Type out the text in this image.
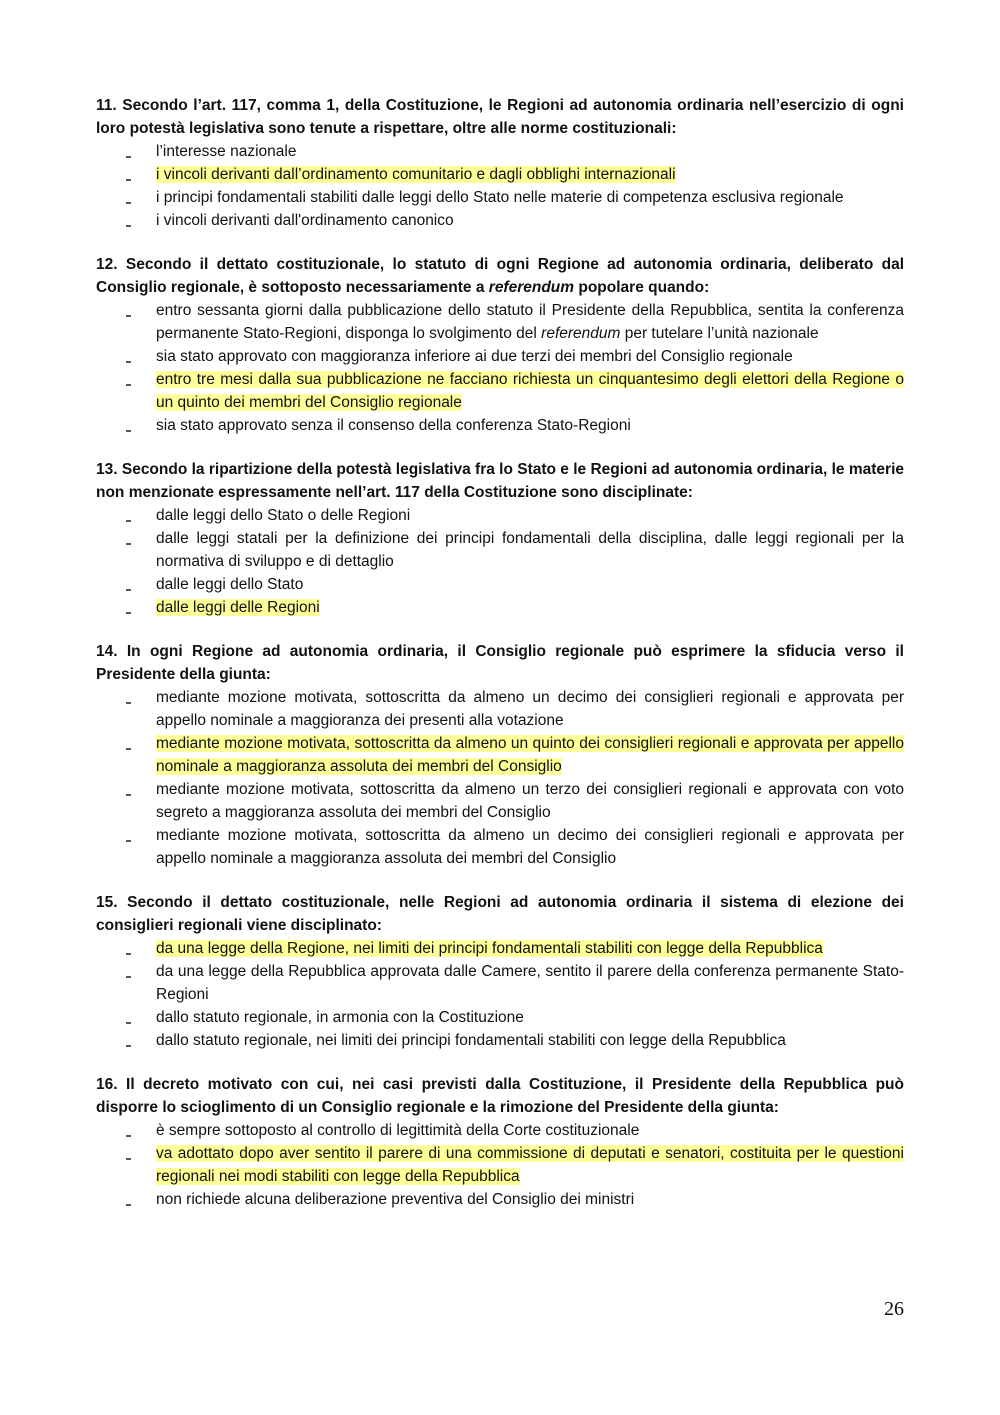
11. Secondo l’art. 117, comma 1, della Costituzione, le Regioni ad autonomia ordinaria nell’esercizio di ogni loro potestà legislativa sono tenute a rispettare, oltre alle norme costituzionali:

l’interesse nazionale
i vincoli derivanti dall’ordinamento comunitario e dagli obblighi internazionali
i principi fondamentali stabiliti dalle leggi dello Stato nelle materie di competenza esclusiva regionale
i vincoli derivanti dall'ordinamento canonico

12. Secondo il dettato costituzionale, lo statuto di ogni Regione ad autonomia ordinaria, deliberato dal Consiglio regionale, è sottoposto necessariamente a referendum popolare quando:

entro sessanta giorni dalla pubblicazione dello statuto il Presidente della Repubblica, sentita la conferenza permanente Stato-Regioni, disponga lo svolgimento del referendum per tutelare l’unità nazionale
sia stato approvato con maggioranza inferiore ai due terzi dei membri del Consiglio regionale
entro tre mesi dalla sua pubblicazione ne facciano richiesta un cinquantesimo degli elettori della Regione o un quinto dei membri del Consiglio regionale
sia stato approvato senza il consenso della conferenza Stato-Regioni

13. Secondo la ripartizione della potestà legislativa fra lo Stato e le Regioni ad autonomia ordinaria, le materie non menzionate espressamente nell’art. 117 della Costituzione sono disciplinate:

dalle leggi dello Stato o delle Regioni
dalle leggi statali per la definizione dei principi fondamentali della disciplina, dalle leggi regionali per la normativa di sviluppo e di dettaglio
dalle leggi dello Stato
dalle leggi delle Regioni

14. In ogni Regione ad autonomia ordinaria, il Consiglio regionale può esprimere la sfiducia verso il Presidente della giunta:

mediante mozione motivata, sottoscritta da almeno un decimo dei consiglieri regionali e approvata per appello nominale a maggioranza dei presenti alla votazione
mediante mozione motivata, sottoscritta da almeno un quinto dei consiglieri regionali e approvata per appello nominale a maggioranza assoluta dei membri del Consiglio
mediante mozione motivata, sottoscritta da almeno un terzo dei consiglieri regionali e approvata con voto segreto a maggioranza assoluta dei membri del Consiglio
mediante mozione motivata, sottoscritta da almeno un decimo dei consiglieri regionali e approvata per appello nominale a maggioranza assoluta dei membri del Consiglio

15. Secondo il dettato costituzionale, nelle Regioni ad autonomia ordinaria il sistema di elezione dei consiglieri regionali viene disciplinato:

da una legge della Regione, nei limiti dei principi fondamentali stabiliti con legge della Repubblica
da una legge della Repubblica approvata dalle Camere, sentito il parere della conferenza permanente Stato-Regioni
dallo statuto regionale, in armonia con la Costituzione
dallo statuto regionale, nei limiti dei principi fondamentali stabiliti con legge della Repubblica

16. Il decreto motivato con cui, nei casi previsti dalla Costituzione, il Presidente della Repubblica può disporre lo scioglimento di un Consiglio regionale e la rimozione del Presidente della giunta:

è sempre sottoposto al controllo di legittimità della Corte costituzionale
va adottato dopo aver sentito il parere di una commissione di deputati e senatori, costituita per le questioni regionali nei modi stabiliti con legge della Repubblica
non richiede alcuna deliberazione preventiva del Consiglio dei ministri
26
